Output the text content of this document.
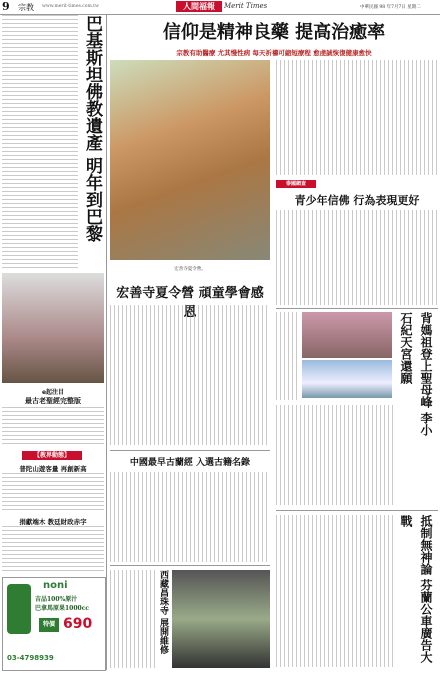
9 宗教 www.merit-times.com.tw	人間福報	Merit Times	中華民國 98 年7月7日 星期二
巴基斯坦佛教遺產 明年到巴黎
e起注目
最古老聖經完整版
【教界動態】
普陀山遊客量 再創新高
捐獻端木 教廷財政赤字
noni
吉品100%原汁
巴拿馬原果1000cc
特價 690
03-4798939
信仰是精神良藥 提高治癒率
宗教有助醫療 尤其慢性病 每天祈禱可縮短療程 愈虔誠恢復健康愈快
宏善寺夏令營。
宏善寺夏令營 頑童學會感恩
中國最早古蘭經 入選古籍名錄
西藏昌珠寺 展開維修
泰國網查
青少年信佛 行為表現更好
背媽祖登上聖母峰 李小石紀天宮還願
抵制無神論 芬蘭公車廣告大戰
